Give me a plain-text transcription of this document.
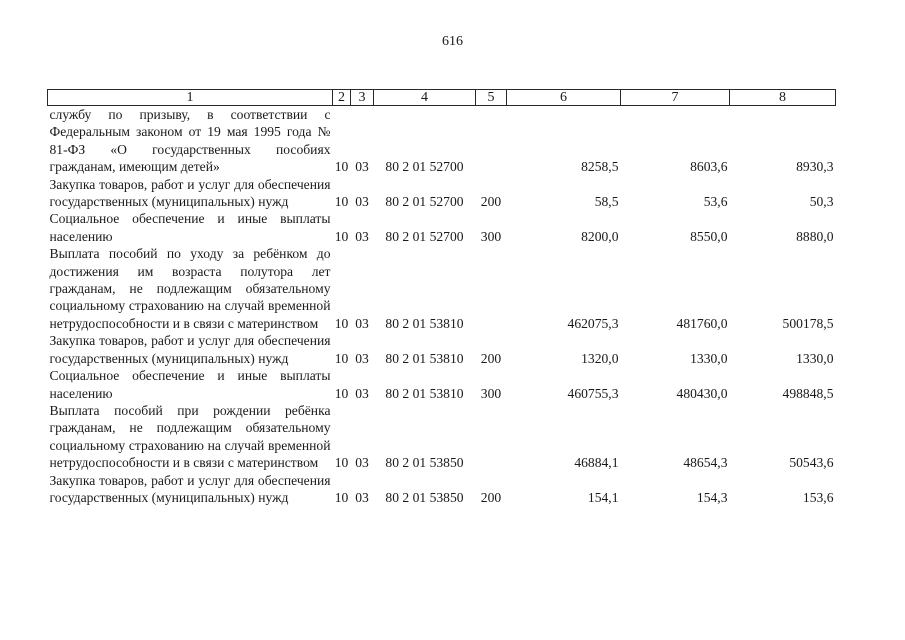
616
1	2	3	4	5	6	7	8
службу по призыву, в соответствии с Федеральным законом от 19 мая 1995 года № 81-ФЗ «О государственных пособиях гражданам, имеющим детей»	10	03	80 2 01 52700		8258,5	8603,6	8930,3
Закупка товаров, работ и услуг для обеспечения государственных (муниципальных) нужд	10	03	80 2 01 52700	200	58,5	53,6	50,3
Социальное обеспечение и иные выплаты населению	10	03	80 2 01 52700	300	8200,0	8550,0	8880,0
Выплата пособий по уходу за ребёнком до достижения им возраста полутора лет гражданам, не подлежащим обязательному социальному страхованию на случай временной нетрудоспособности и в связи с материнством	10	03	80 2 01 53810		462075,3	481760,0	500178,5
Закупка товаров, работ и услуг для обеспечения государственных (муниципальных) нужд	10	03	80 2 01 53810	200	1320,0	1330,0	1330,0
Социальное обеспечение и иные выплаты населению	10	03	80 2 01 53810	300	460755,3	480430,0	498848,5
Выплата пособий при рождении ребёнка гражданам, не подлежащим обязательному социальному страхованию на случай временной нетрудоспособности и в связи с материнством	10	03	80 2 01 53850		46884,1	48654,3	50543,6
Закупка товаров, работ и услуг для обеспечения государственных (муниципальных) нужд	10	03	80 2 01 53850	200	154,1	154,3	153,6
